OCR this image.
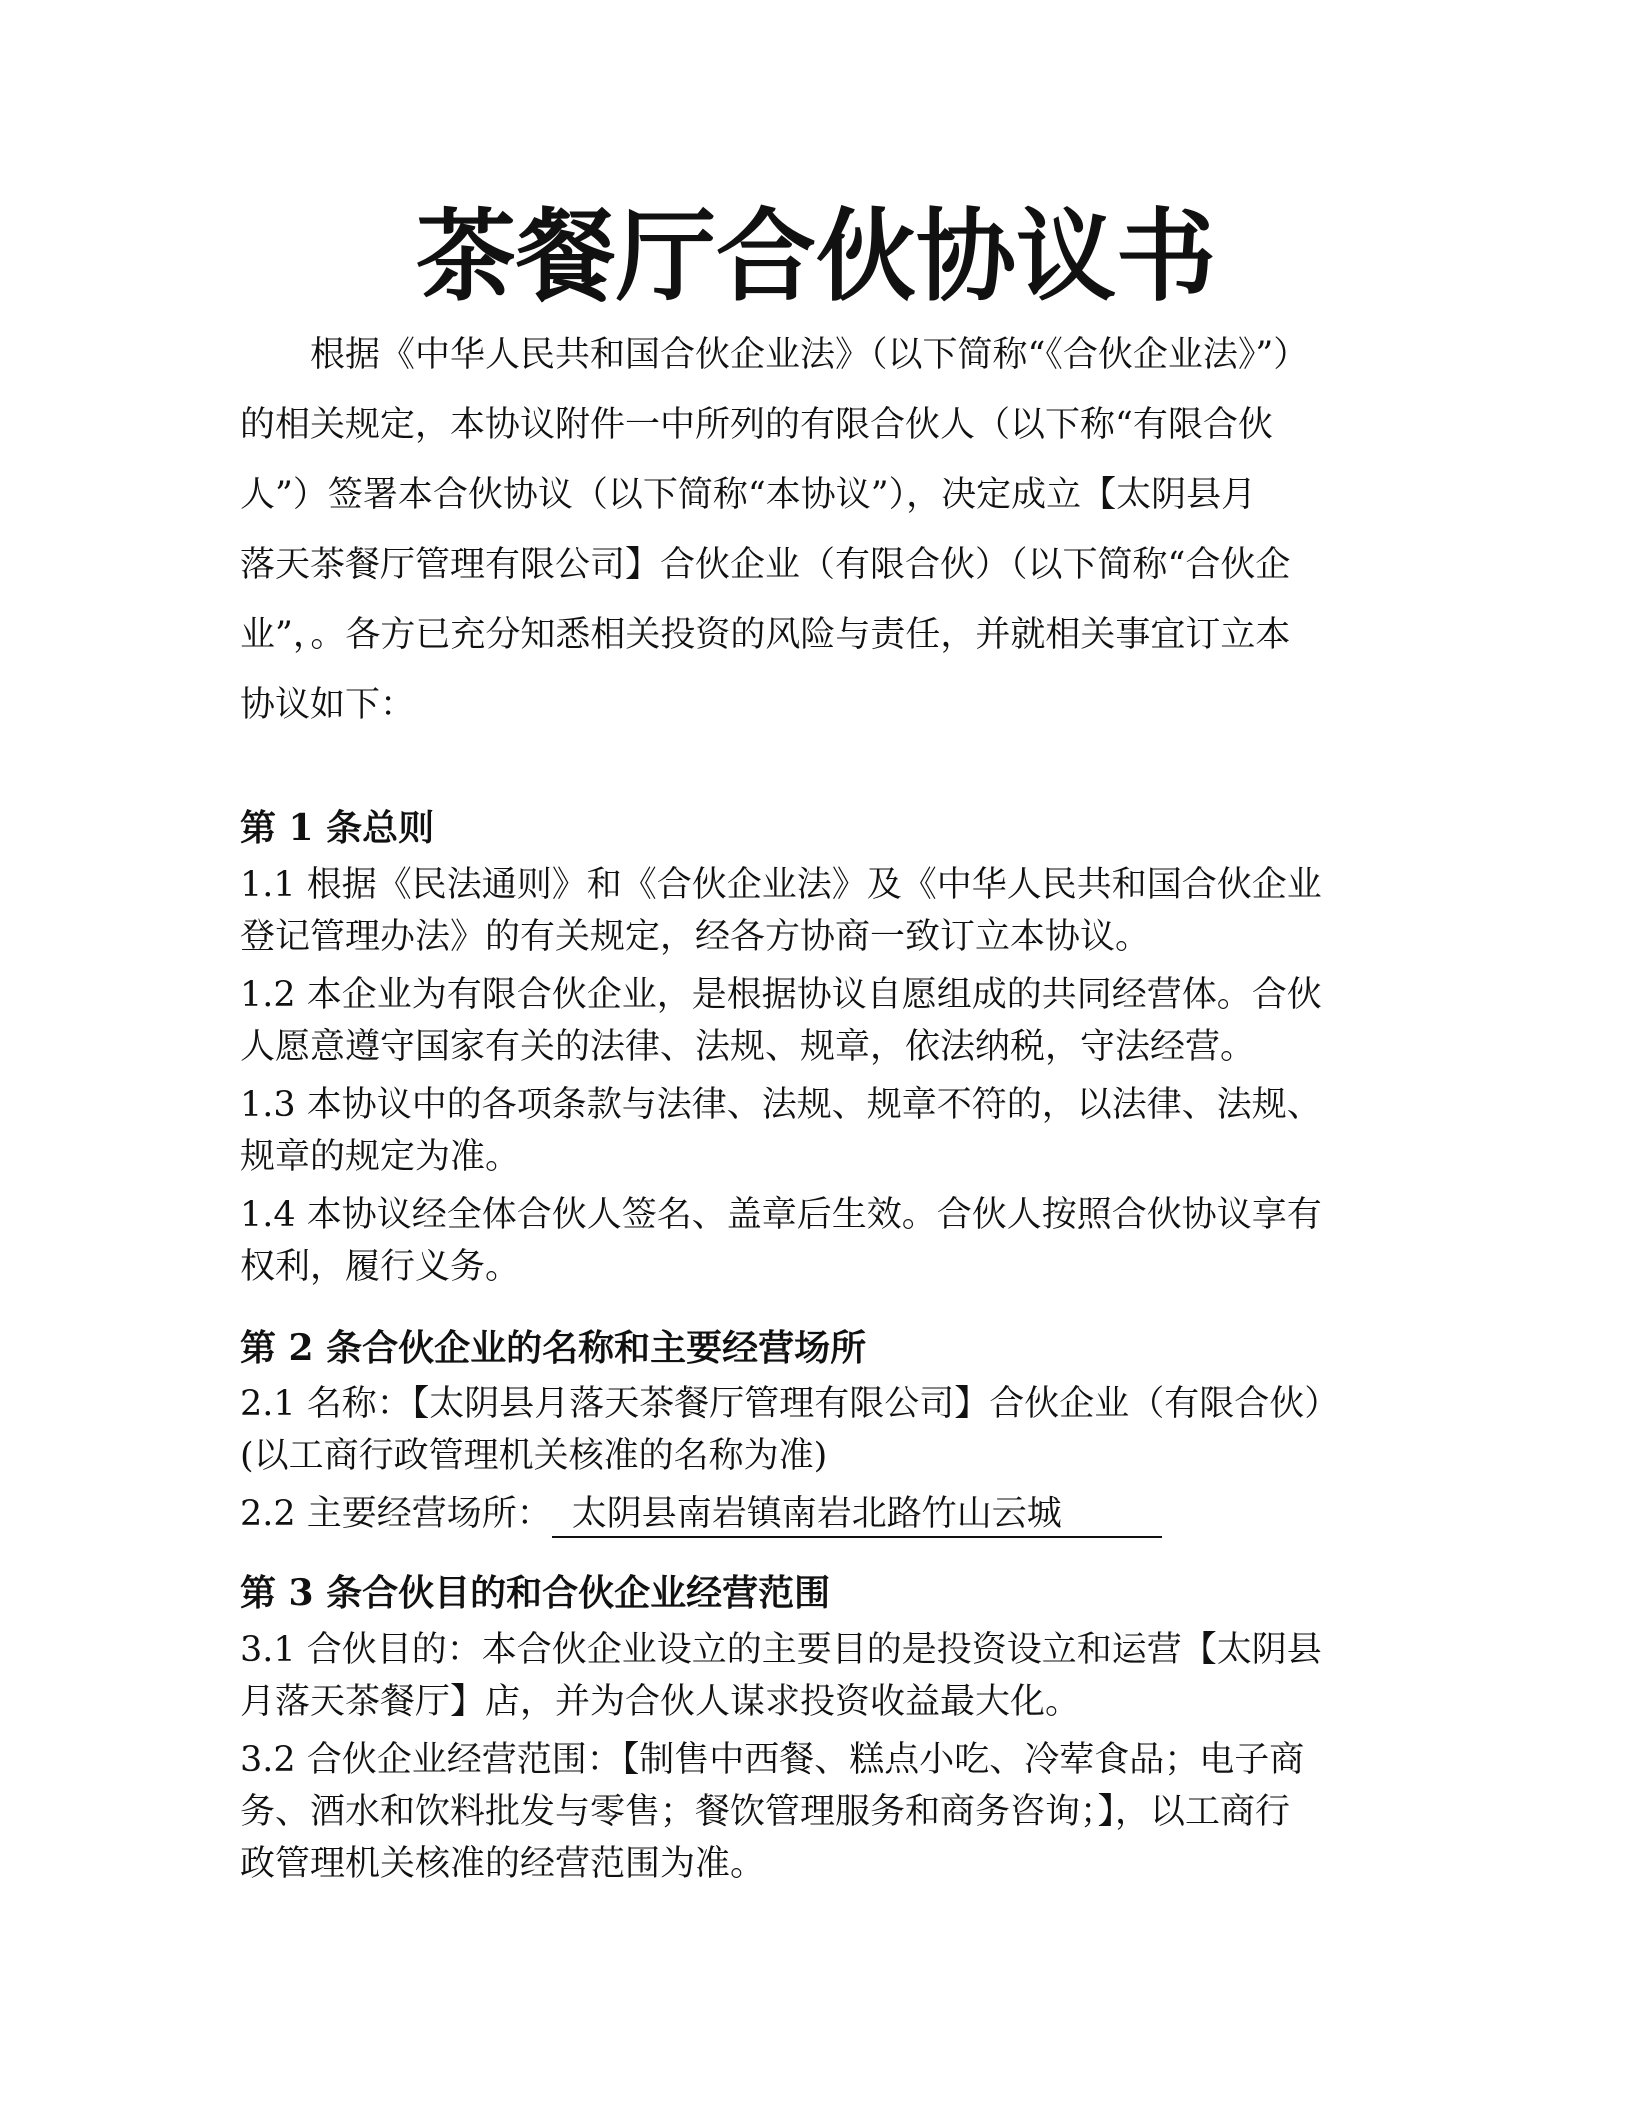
茶餐厅合伙协议书
根据《中华人民共和国合伙企业法》（以下简称“《合伙企业法》”）
的相关规定，本协议附件一中所列的有限合伙人（以下称“有限合伙
人”）签署本合伙协议（以下简称“本协议”），决定成立【太阴县月
落天茶餐厅管理有限公司】合伙企业（有限合伙）（以下简称“合伙企
业”，。各方已充分知悉相关投资的风险与责任，并就相关事宜订立本
协议如下：
第 1 条总则
1.1 根据《民法通则》和《合伙企业法》及《中华人民共和国合伙企业
登记管理办法》的有关规定，经各方协商一致订立本协议。
1.2 本企业为有限合伙企业，是根据协议自愿组成的共同经营体。合伙
人愿意遵守国家有关的法律、法规、规章，依法纳税，守法经营。
1.3 本协议中的各项条款与法律、法规、规章不符的，以法律、法规、
规章的规定为准。
1.4 本协议经全体合伙人签名、盖章后生效。合伙人按照合伙协议享有
权利，履行义务。
第 2 条合伙企业的名称和主要经营场所
2.1 名称：【太阴县月落天茶餐厅管理有限公司】合伙企业（有限合伙）
(以工商行政管理机关核准的名称为准)
2.2 主要经营场所： 太阴县南岩镇南岩北路竹山云城
第 3 条合伙目的和合伙企业经营范围
3.1 合伙目的：本合伙企业设立的主要目的是投资设立和运营【太阴县
月落天茶餐厅】店，并为合伙人谋求投资收益最大化。
3.2 合伙企业经营范围：【制售中西餐、糕点小吃、冷荤食品；电子商
务、酒水和饮料批发与零售；餐饮管理服务和商务咨询；】，以工商行
政管理机关核准的经营范围为准。
